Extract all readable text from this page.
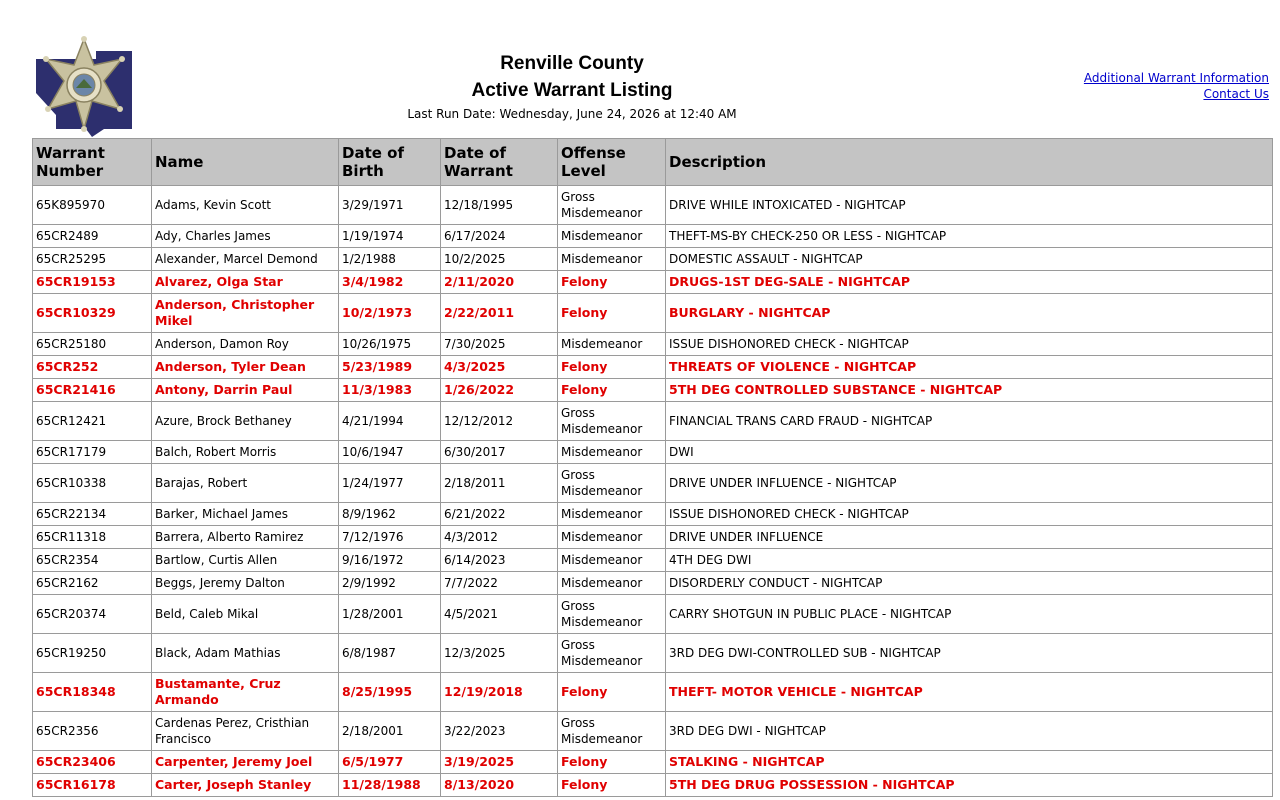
Renville County
Active Warrant Listing
Last Run Date: Wednesday, June 24, 2026 at 12:40 AM
Additional Warrant Information
Contact Us
Warrant Number	Name	Date of Birth	Date of Warrant	Offense Level	Description
65K895970	Adams, Kevin Scott	3/29/1971	12/18/1995	Gross Misdemeanor	DRIVE WHILE INTOXICATED - NIGHTCAP
65CR2489	Ady, Charles James	1/19/1974	6/17/2024	Misdemeanor	THEFT-MS-BY CHECK-250 OR LESS - NIGHTCAP
65CR25295	Alexander, Marcel Demond	1/2/1988	10/2/2025	Misdemeanor	DOMESTIC ASSAULT - NIGHTCAP
65CR19153	Alvarez, Olga Star	3/4/1982	2/11/2020	Felony	DRUGS-1ST DEG-SALE - NIGHTCAP
65CR10329	Anderson, Christopher Mikel	10/2/1973	2/22/2011	Felony	BURGLARY - NIGHTCAP
65CR25180	Anderson, Damon Roy	10/26/1975	7/30/2025	Misdemeanor	ISSUE DISHONORED CHECK - NIGHTCAP
65CR252	Anderson, Tyler Dean	5/23/1989	4/3/2025	Felony	THREATS OF VIOLENCE - NIGHTCAP
65CR21416	Antony, Darrin Paul	11/3/1983	1/26/2022	Felony	5TH DEG CONTROLLED SUBSTANCE - NIGHTCAP
65CR12421	Azure, Brock Bethaney	4/21/1994	12/12/2012	Gross Misdemeanor	FINANCIAL TRANS CARD FRAUD - NIGHTCAP
65CR17179	Balch, Robert Morris	10/6/1947	6/30/2017	Misdemeanor	DWI
65CR10338	Barajas, Robert	1/24/1977	2/18/2011	Gross Misdemeanor	DRIVE UNDER INFLUENCE - NIGHTCAP
65CR22134	Barker, Michael James	8/9/1962	6/21/2022	Misdemeanor	ISSUE DISHONORED CHECK - NIGHTCAP
65CR11318	Barrera, Alberto Ramirez	7/12/1976	4/3/2012	Misdemeanor	DRIVE UNDER INFLUENCE
65CR2354	Bartlow, Curtis Allen	9/16/1972	6/14/2023	Misdemeanor	4TH DEG DWI
65CR2162	Beggs, Jeremy Dalton	2/9/1992	7/7/2022	Misdemeanor	DISORDERLY CONDUCT - NIGHTCAP
65CR20374	Beld, Caleb Mikal	1/28/2001	4/5/2021	Gross Misdemeanor	CARRY SHOTGUN IN PUBLIC PLACE - NIGHTCAP
65CR19250	Black, Adam Mathias	6/8/1987	12/3/2025	Gross Misdemeanor	3RD DEG DWI-CONTROLLED SUB - NIGHTCAP
65CR18348	Bustamante, Cruz Armando	8/25/1995	12/19/2018	Felony	THEFT- MOTOR VEHICLE - NIGHTCAP
65CR2356	Cardenas Perez, Cristhian Francisco	2/18/2001	3/22/2023	Gross Misdemeanor	3RD DEG DWI - NIGHTCAP
65CR23406	Carpenter, Jeremy Joel	6/5/1977	3/19/2025	Felony	STALKING - NIGHTCAP
65CR16178	Carter, Joseph Stanley	11/28/1988	8/13/2020	Felony	5TH DEG DRUG POSSESSION - NIGHTCAP
